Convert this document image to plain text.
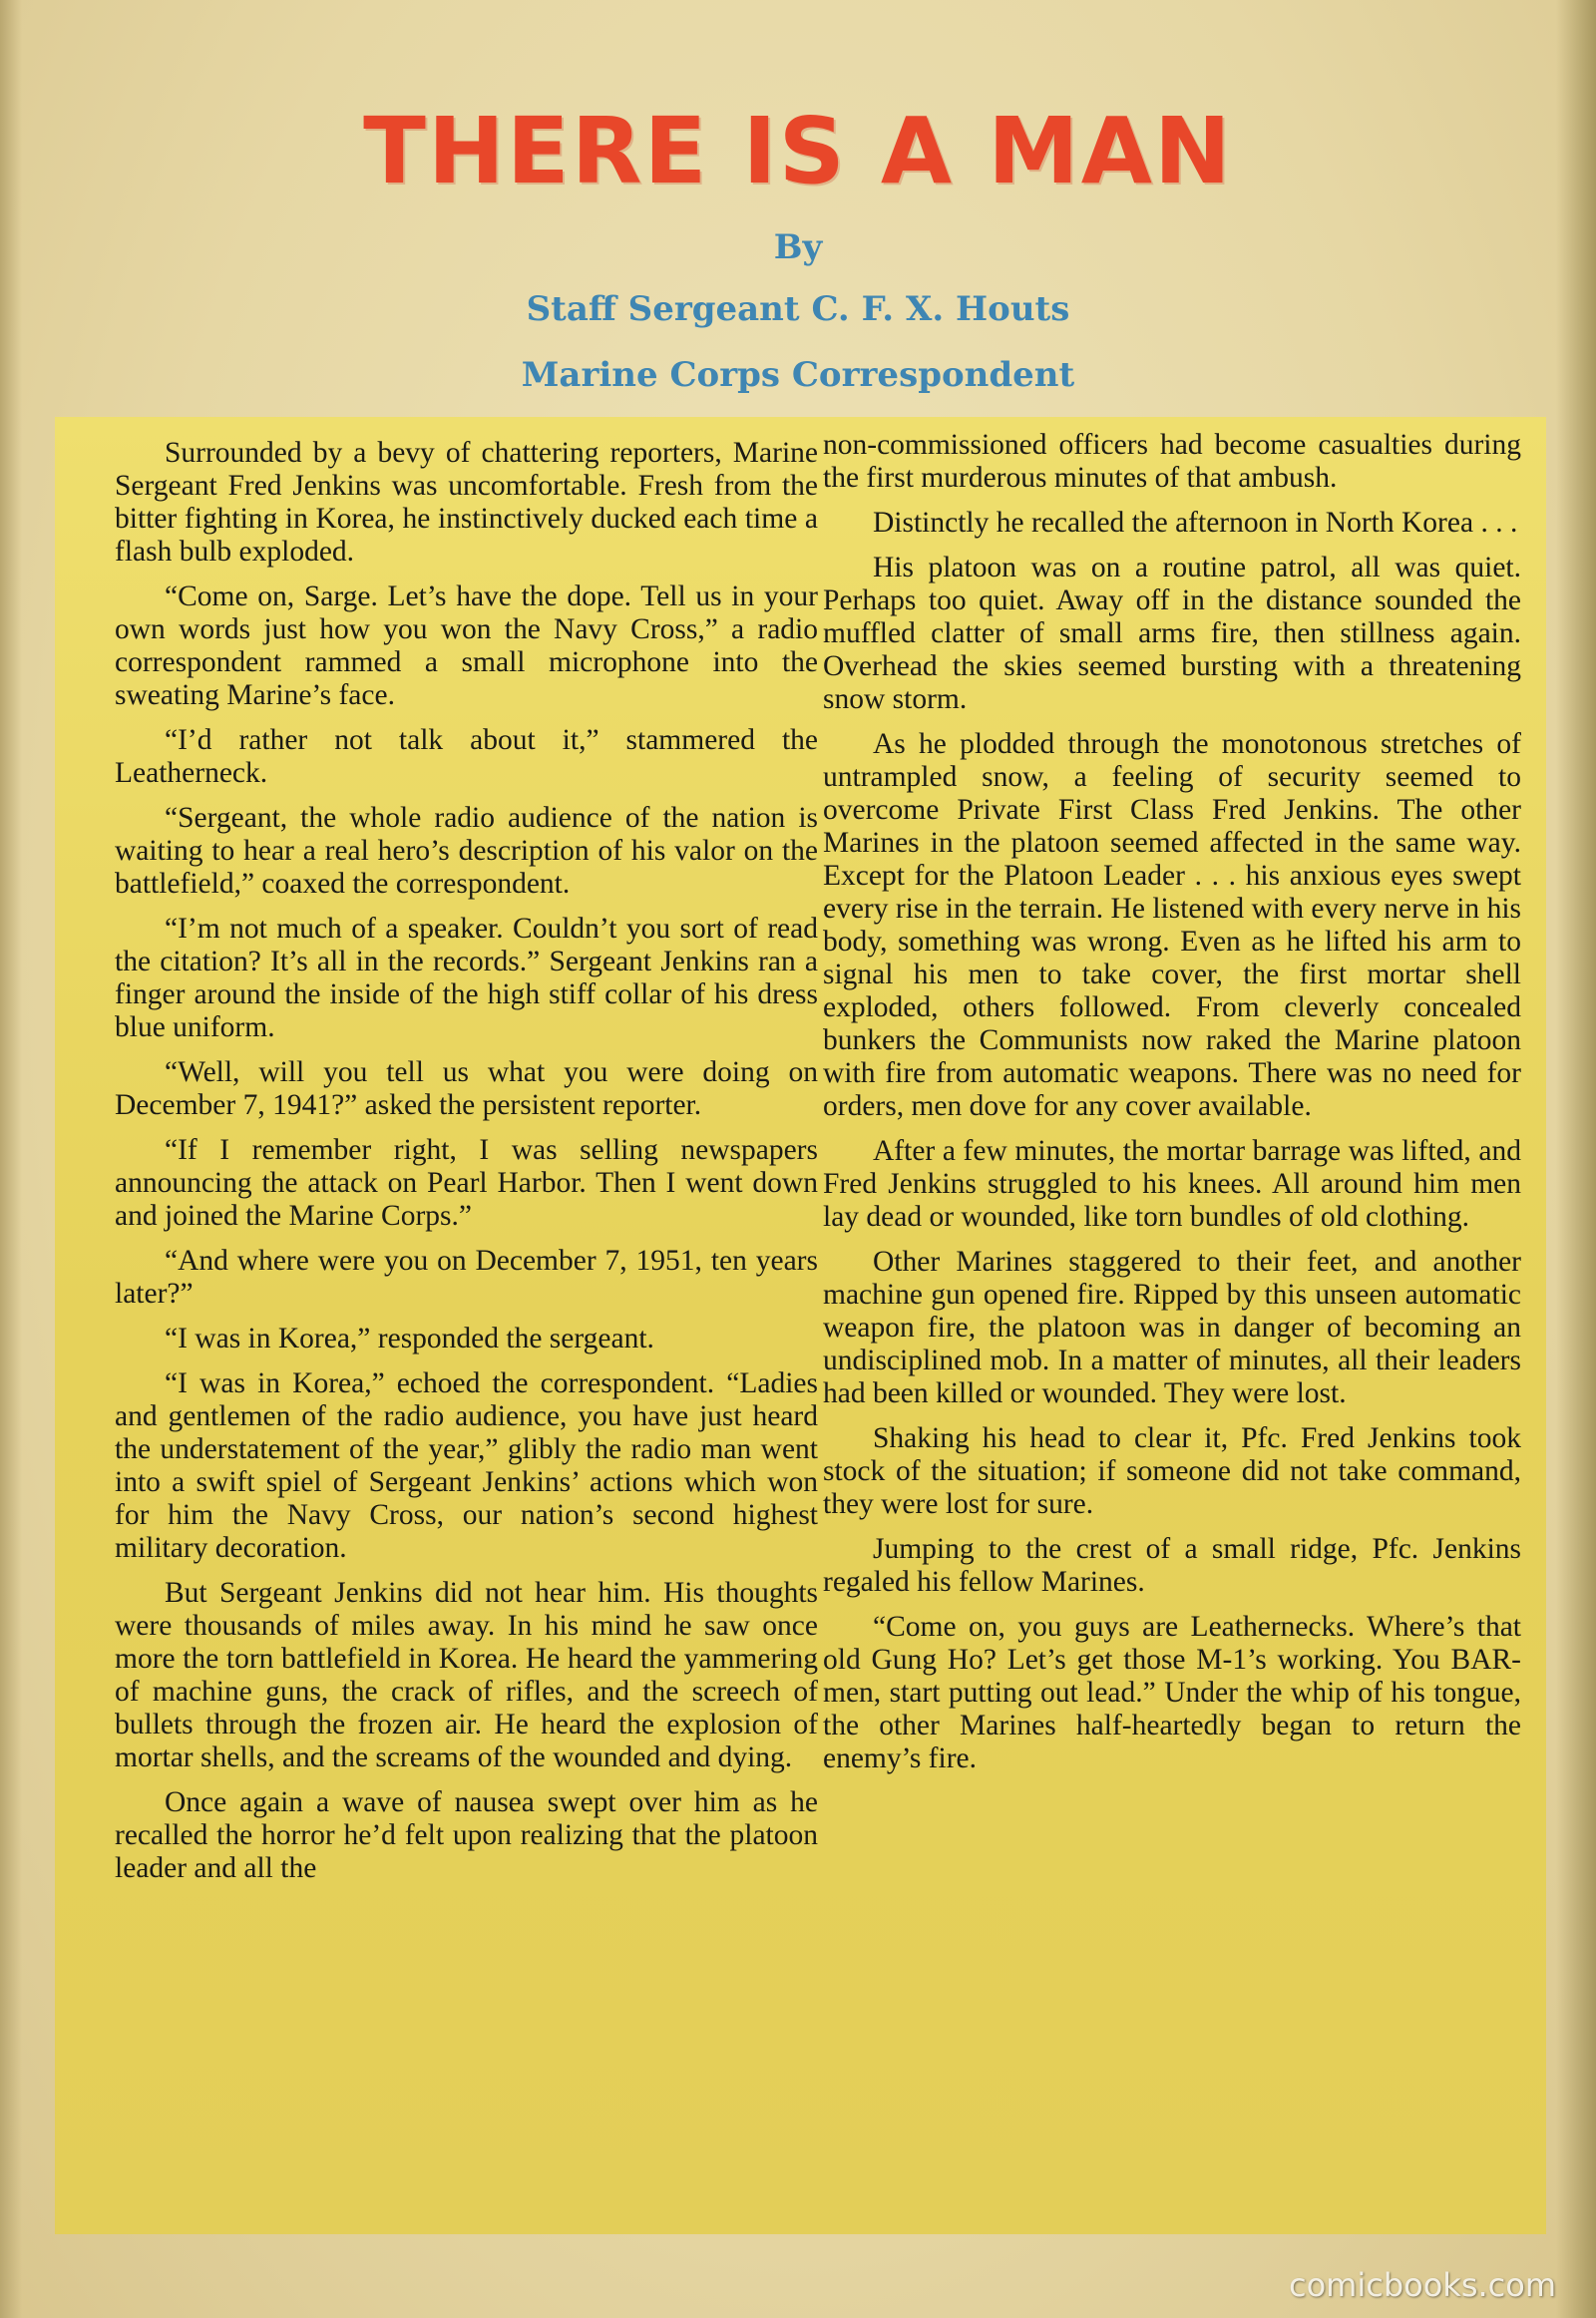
THERE IS A MAN
By
Staff Sergeant C. F. X. Houts
Marine Corps Correspondent

Surrounded by a bevy of chattering reporters, Marine Sergeant Fred Jenkins was uncomfortable. Fresh from the bitter fighting in Korea, he instinctively ducked each time a flash bulb exploded.

“Come on, Sarge. Let’s have the dope. Tell us in your own words just how you won the Navy Cross,” a radio correspondent rammed a small microphone into the sweating Marine’s face.

“I’d rather not talk about it,” stammered the Leatherneck.

“Sergeant, the whole radio audience of the nation is waiting to hear a real hero’s description of his valor on the battlefield,” coaxed the correspondent.

“I’m not much of a speaker. Couldn’t you sort of read the citation? It’s all in the records.” Sergeant Jenkins ran a finger around the inside of the high stiff collar of his dress blue uniform.

“Well, will you tell us what you were doing on December 7, 1941?” asked the persistent reporter.

“If I remember right, I was selling newspapers announcing the attack on Pearl Harbor. Then I went down and joined the Marine Corps.”

“And where were you on December 7, 1951, ten years later?”

“I was in Korea,” responded the sergeant.

“I was in Korea,” echoed the correspondent. “Ladies and gentlemen of the radio audience, you have just heard the understatement of the year,” glibly the radio man went into a swift spiel of Sergeant Jenkins’ actions which won for him the Navy Cross, our nation’s second highest military decoration.

But Sergeant Jenkins did not hear him. His thoughts were thousands of miles away. In his mind he saw once more the torn battlefield in Korea. He heard the yammering of machine guns, the crack of rifles, and the screech of bullets through the frozen air. He heard the explosion of mortar shells, and the screams of the wounded and dying.

Once again a wave of nausea swept over him as he recalled the horror he’d felt upon realizing that the platoon leader and all the

non-commissioned officers had become casualties during the first murderous minutes of that ambush.

Distinctly he recalled the afternoon in North Korea . . .

His platoon was on a routine patrol, all was quiet. Perhaps too quiet. Away off in the distance sounded the muffled clatter of small arms fire, then stillness again. Overhead the skies seemed bursting with a threatening snow storm.

As he plodded through the monotonous stretches of untrampled snow, a feeling of security seemed to overcome Private First Class Fred Jenkins. The other Marines in the platoon seemed affected in the same way. Except for the Platoon Leader . . . his anxious eyes swept every rise in the terrain. He listened with every nerve in his body, something was wrong. Even as he lifted his arm to signal his men to take cover, the first mortar shell exploded, others followed. From cleverly concealed bunkers the Communists now raked the Marine platoon with fire from automatic weapons. There was no need for orders, men dove for any cover available.

After a few minutes, the mortar barrage was lifted, and Fred Jenkins struggled to his knees. All around him men lay dead or wounded, like torn bundles of old clothing.

Other Marines staggered to their feet, and another machine gun opened fire. Ripped by this unseen automatic weapon fire, the platoon was in danger of becoming an undisciplined mob. In a matter of minutes, all their leaders had been killed or wounded. They were lost.

Shaking his head to clear it, Pfc. Fred Jenkins took stock of the situation; if someone did not take command, they were lost for sure.

Jumping to the crest of a small ridge, Pfc. Jenkins regaled his fellow Marines.

“Come on, you guys are Leathernecks. Where’s that old Gung Ho? Let’s get those M-1’s working. You BAR-men, start putting out lead.” Under the whip of his tongue, the other Marines half-heartedly began to return the enemy’s fire.

comicbooks.com
